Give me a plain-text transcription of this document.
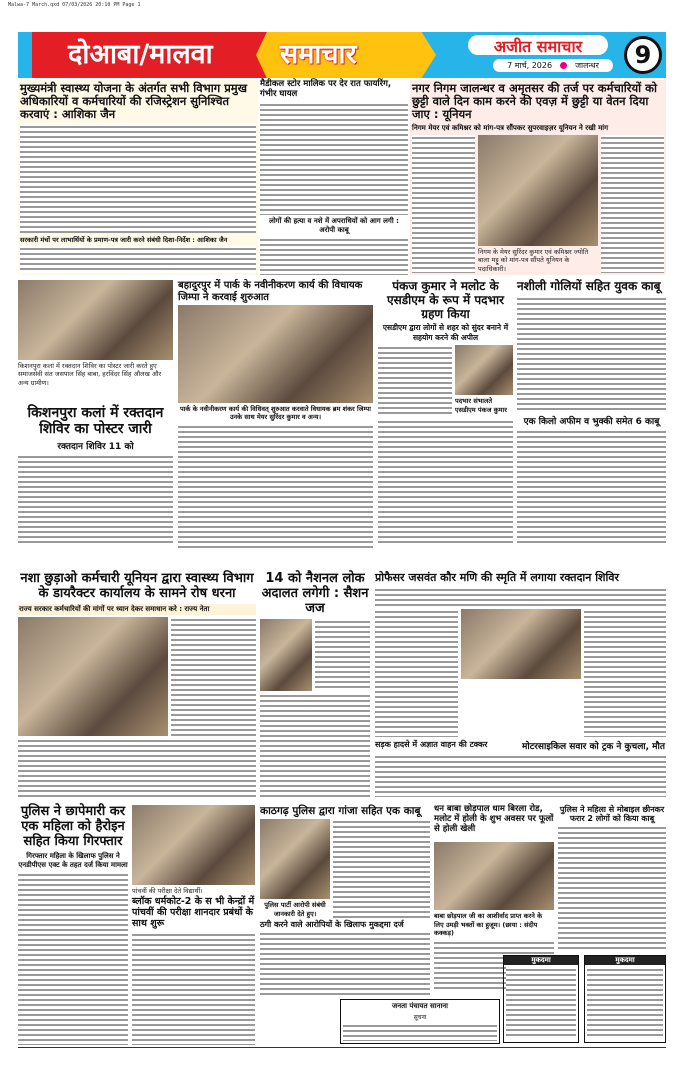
Malwa-7 March.qxd 07/03/2026 20:10 PM Page 1
दोआबा/मालवा समाचार	अजीत समाचार
7 मार्च, 2026	जालन्धर	9
मुख्यमंत्री स्वास्थ्य योजना के अंतर्गत सभी विभाग प्रमुख अधिकारियों व कर्मचारियों की रजिस्ट्रेशन सुनिश्चित करवाएं : आशिका जैन
सरकारी मंचों पर लाभार्थियों के प्रमाण-पत्र जारी करने संबंधी दिशा-निर्देश : आशिका जैन
मैडीकल स्टोर मालिक पर देर रात फायरिंग, गंभीर घायल
लोगों की हत्या व नशे में अपराधियों को आग लगी : अरोपी काबू
नगर निगम जालन्धर व अमृतसर की तर्ज पर कर्मचारियों को छुट्टी वाले दिन काम करने की एवज़ में छुट्टी या वेतन दिया जाए : यूनियन
निगम मेयर एवं कमिश्नर को मांग-पत्र सौंपकर सुपरवाइज़र यूनियन ने रखी मांग
निगम के मेयर सुरिंदर कुमार एवं कमिश्नर ज्योति बाला मट्टू को मांग-पत्र सौंपते यूनियन के पदाधिकारी।
किशनपुरा कलां में रक्तदान शिविर का पोस्टर जारी करते हुए समाजसेवी संत जसपाल सिंह बाबा, हरविंदर सिंह औलख और अन्य ग्रामीण।
बहादुरपुर में पार्क के नवीनीकरण कार्य की विधायक जिम्पा ने करवाई शुरुआत
पार्क के नवीनीकरण कार्य की विधिवत् शुरुआत करवाते विधायक ब्रम शंकर जिम्पा उनके साथ मेयर सुरिंदर कुमार व अन्य।
किशनपुरा कलां में रक्तदान शिविर का पोस्टर जारी
रक्तदान शिविर 11 को
पंकज कुमार ने मलोट के एसडीएम के रूप में पदभार ग्रहण किया
एसडीएम द्वारा लोगों से शहर को सुंदर बनाने में सहयोग करने की अपील
पदभार संभालते एसडीएम पंकज कुमार
नशीली गोलियों सहित युवक काबू
एक किलो अफीम व भुक्की समेत 6 काबू
नशा छुड़ाओ कर्मचारी यूनियन द्वारा स्वास्थ्य विभाग के डायरैक्टर कार्यालय के सामने रोष धरना
राज्य सरकार कर्मचारियों की मांगों पर ध्यान देकर समाधान करे : राज्य नेता
14 को नैशनल लोक अदालत लगेगी : सैशन जज
प्रोफैसर जसवंत कौर मणि की स्मृति में लगाया रक्तदान शिविर
सड़क हादसे में अज्ञात वाहन की टक्कर	मोटरसाइकिल सवार को ट्रक ने कुचला, मौत
पुलिस ने छापेमारी कर एक महिला को हैरोइन सहित किया गिरफ्तार
गिरफ्तार महिला के खिलाफ पुलिस ने एनडीपीएस एक्ट के तहत दर्ज किया मामला
पांचवीं की परीक्षा देते विद्यार्थी।
ब्लॉक धर्मकोट-2 के स भी केन्द्रों में पांचवीं की परीक्षा शानदार प्रबंधों के साथ शुरू
काठगढ़ पुलिस द्वारा गांजा सहित एक काबू
पुलिस पार्टी आरोपी संबंधी जानकारी देते हुए।
ठगी करने वाले आरोपियों के खिलाफ मुकद्दमा दर्ज
जनता पंचायत सानाना
सूचना
धन बाबा छोड़पाल धाम बिरला रोड, मलोट में होली के शुभ अवसर पर फूलों से होली खेली
बाबा छोड़पाल जी का आशीर्वाद प्राप्त करने के लिए उमड़ी भक्तों का हुजूम। (छाया : संदीप कक्कड़)
पुलिस ने महिला से मोबाइल छीनकर फरार 2 लोगों को किया काबू
मुकदमा	मुकदमा
